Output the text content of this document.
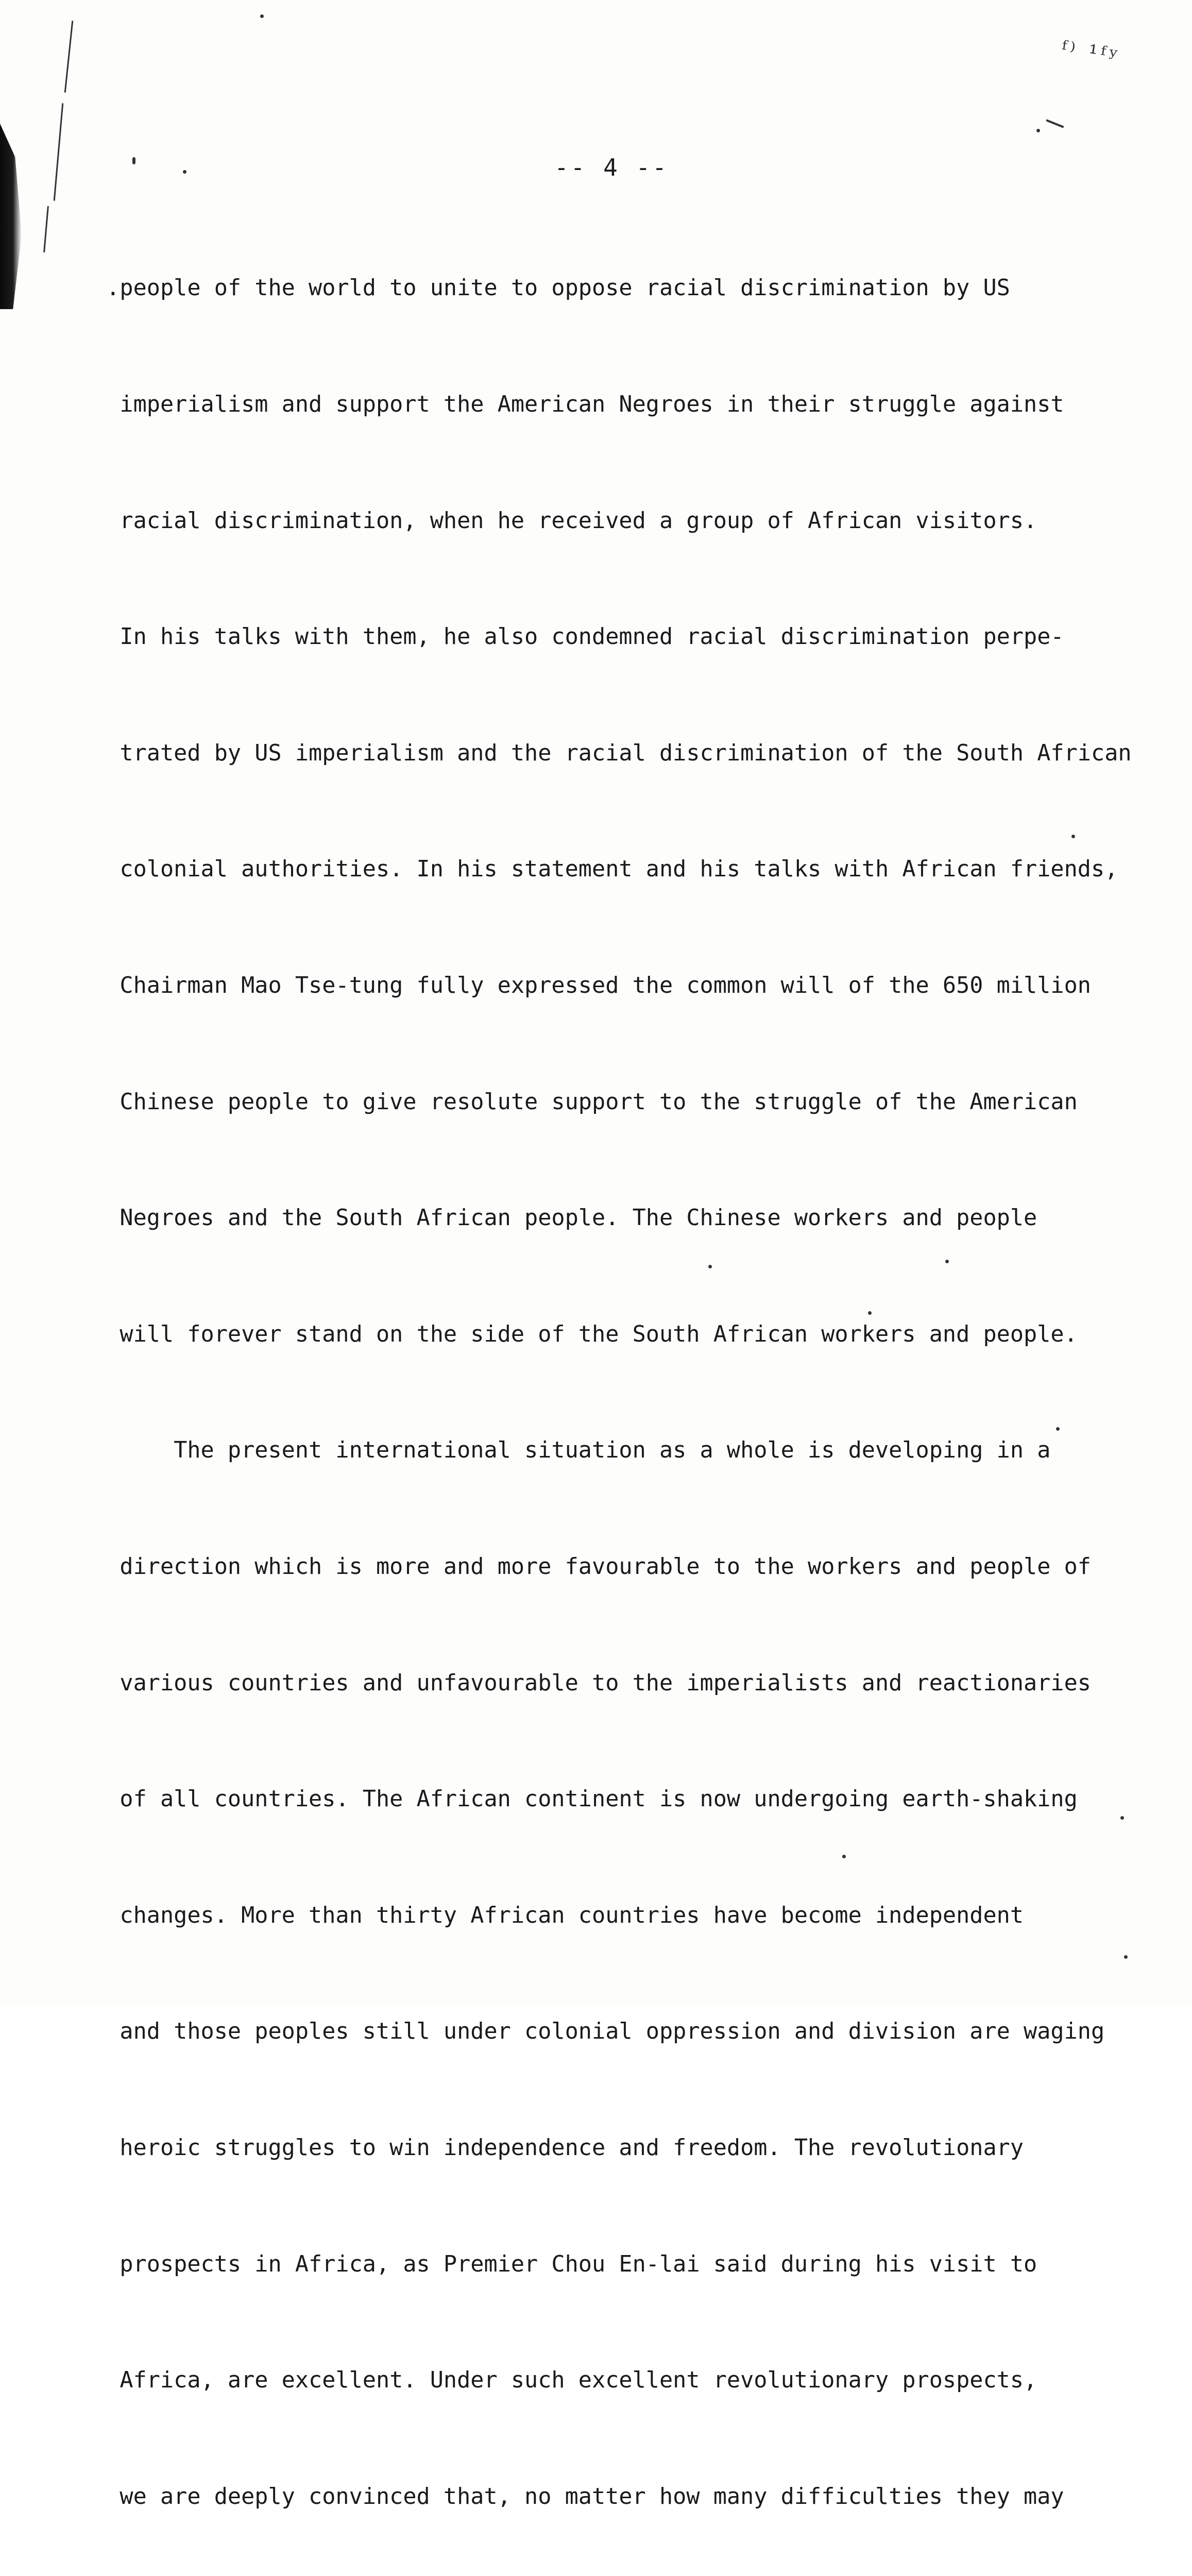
ᶠ⁾ ¹ᶠʸ
-- 4 --

.people of the world to unite to oppose racial discrimination by US

imperialism and support the American Negroes in their struggle against

racial discrimination, when he received a group of African visitors.

In his talks with them, he also condemned racial discrimination perpe-

trated by US imperialism and the racial discrimination of the South African

colonial authorities. In his statement and his talks with African friends,

Chairman Mao Tse-tung fully expressed the common will of the 650 million

Chinese people to give resolute support to the struggle of the American

Negroes and the South African people. The Chinese workers and people

will forever stand on the side of the South African workers and people.

The present international situation as a whole is developing in a

direction which is more and more favourable to the workers and people of

various countries and unfavourable to the imperialists and reactionaries

of all countries. The African continent is now undergoing earth-shaking

changes. More than thirty African countries have become independent

and those peoples still under colonial oppression and division are waging

heroic struggles to win independence and freedom. The revolutionary

prospects in Africa, as Premier Chou En-lai said during his visit to

Africa, are excellent. Under such excellent revolutionary prospects,

we are deeply convinced that, no matter how many difficulties they may
